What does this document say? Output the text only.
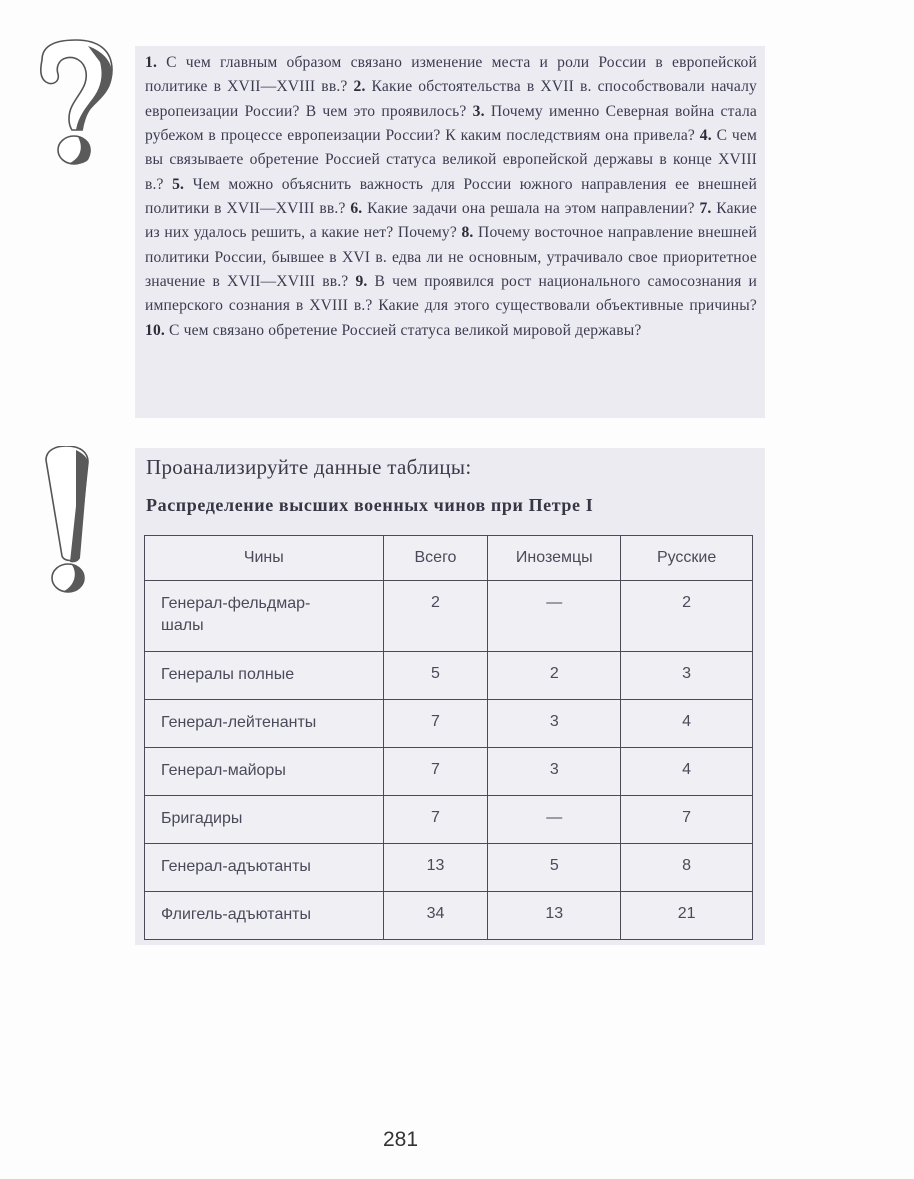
1. С чем главным образом связано изменение места и роли России в европейской политике в XVII—XVIII вв.? 2. Какие обстоятельства в XVII в. способствовали началу европеизации России? В чем это проявилось? 3. Почему именно Северная война стала рубежом в процессе европеизации России? К каким последствиям она привела? 4. С чем вы связываете обретение Россией статуса великой европейской державы в конце XVIII в.? 5. Чем можно объяснить важность для России южного направления ее внешней политики в XVII—XVIII вв.? 6. Какие задачи она решала на этом направлении? 7. Какие из них удалось решить, а какие нет? Почему? 8. Почему восточное направление внешней политики России, бывшее в XVI в. едва ли не основным, утрачивало свое приоритетное значение в XVII—XVIII вв.? 9. В чем проявился рост национального самосознания и имперского сознания в XVIII в.? Какие для этого существовали объективные причины? 10. С чем связано обретение Россией статуса великой мировой державы?

Проанализируйте данные таблицы:
Распределение высших военных чинов при Петре I
Чины	Всего	Иноземцы	Русские
Генерал-фельдмар-
шалы	2	—	2
Генералы полные	5	2	3
Генерал-лейтенанты	7	3	4
Генерал-майоры	7	3	4
Бригадиры	7	—	7
Генерал-адъютанты	13	5	8
Флигель-адъютанты	34	13	21
281
